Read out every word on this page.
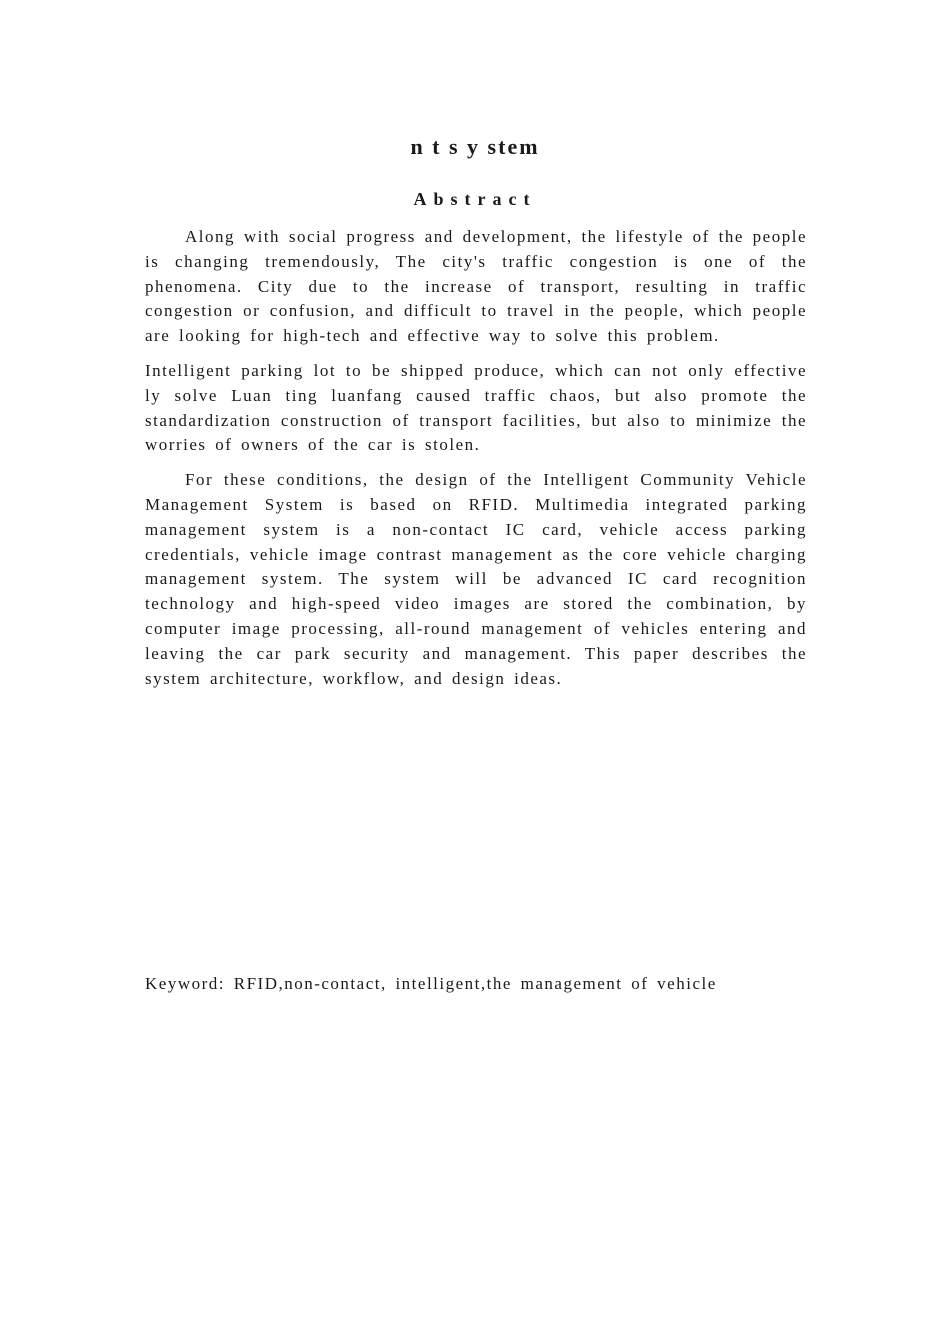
n t s y stem
Abstract

Along with social progress and development, the lifestyle of the people is changing tremendously, The city's traffic congestion is one of the phenomena. City due to the increase of transport, resulting in traffic congestion or confusion, and difficult to travel in the people, which people are looking for high-tech and effective way to solve this problem.

Intelligent parking lot to be shipped produce, which can not only effective ly solve Luan ting luanfang caused traffic chaos, but also promote the standardization construction of transport facilities, but also to minimize the worries of owners of the car is stolen.

For these conditions, the design of the Intelligent Community Vehicle Management System is based on RFID. Multimedia integrated parking management system is a non-contact IC card, vehicle access parking credentials, vehicle image contrast management as the core vehicle charging management system. The system will be advanced IC card recognition technology and high-speed video images are stored the combination, by computer image processing, all-round management of vehicles entering and leaving the car park security and management. This paper describes the system architecture, workflow, and design ideas.

Keyword: RFID,non-contact, intelligent,the management of vehicle
